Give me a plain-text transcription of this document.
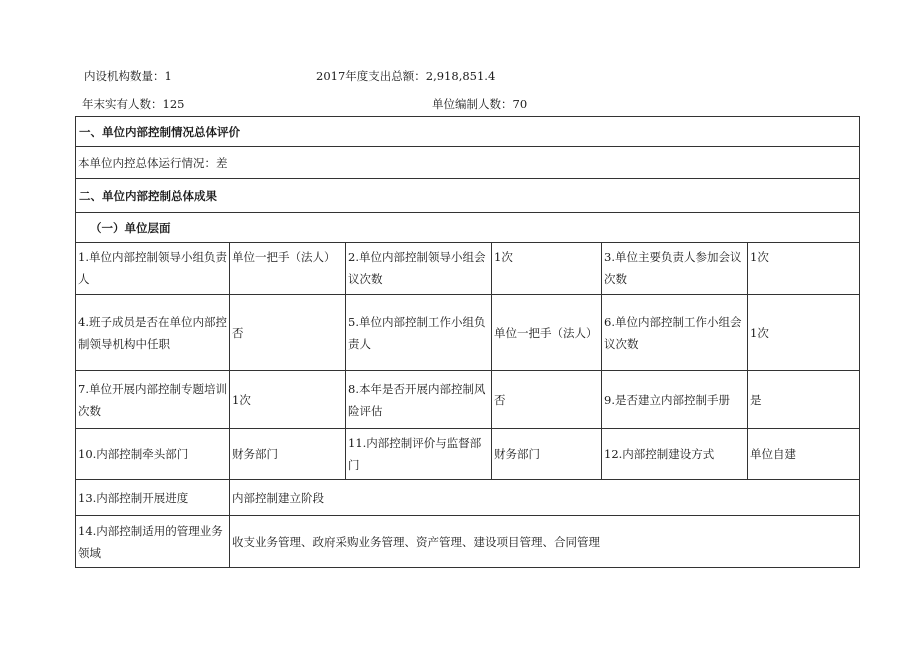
内设机构数量：1	2017年度支出总额：2,918,851.4
年末实有人数：125	单位编制人数：70
一、单位内部控制情况总体评价					
本单位内控总体运行情况：差					
二、单位内部控制总体成果					
（一）单位层面					
1.单位内部控制领导小组负责人	单位一把手（法人）	2.单位内部控制领导小组会议次数	1次	3.单位主要负责人参加会议次数	1次
4.班子成员是否在单位内部控制领导机构中任职	否	5.单位内部控制工作小组负责人	单位一把手（法人）	6.单位内部控制工作小组会议次数	1次
7.单位开展内部控制专题培训次数	1次	8.本年是否开展内部控制风险评估	否	9.是否建立内部控制手册	是
10.内部控制牵头部门	财务部门	11.内部控制评价与监督部门	财务部门	12.内部控制建设方式	单位自建
13.内部控制开展进度	内部控制建立阶段				
14.内部控制适用的管理业务领域	收支业务管理、政府采购业务管理、资产管理、建设项目管理、合同管理				
